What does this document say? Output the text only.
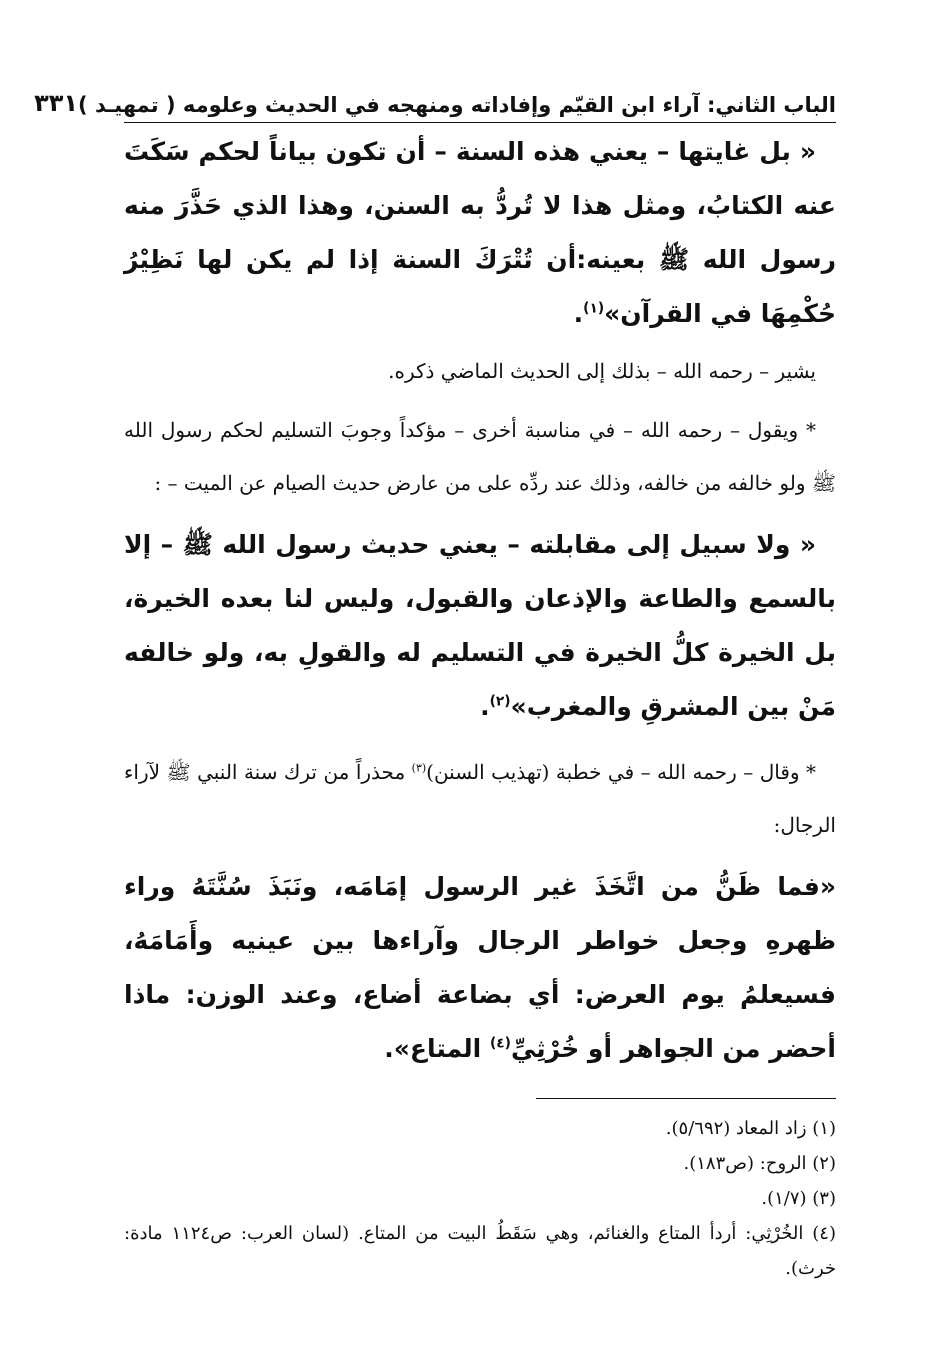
الباب الثاني: آراء ابن القيّم وإفاداته ومنهجه في الحديث وعلومه ( تمهيـد )
٣٣١

« بل غايتها – يعني هذه السنة – أن تكون بياناً لحكم سَكَتَ عنه الكتابُ، ومثل هذا لا تُردُّ به السنن، وهذا الذي حَذَّرَ منه رسول الله ﷺ بعينه:أن تُتْرَكَ السنة إذا لم يكن لها نَظِيْرُ حُكْمِهَا في القرآن»$^{(١)}$.

يشير – رحمه الله – بذلك إلى الحديث الماضي ذكره.

* ويقول – رحمه الله – في مناسبة أخرى – مؤكداً وجوبَ التسليم لحكم رسول الله ﷺ ولو خالفه من خالفه، وذلك عند ردِّه على من عارض حديث الصيام عن الميت – :

« ولا سبيل إلى مقابلته – يعني حديث رسول الله ﷺ – إلا بالسمع والطاعة والإذعان والقبول، وليس لنا بعده الخيرة، بل الخيرة كلُّ الخيرة في التسليم له والقولِ به، ولو خالفه مَنْ بين المشرقِ والمغرب»$^{(٢)}$.

* وقال – رحمه الله – في خطبة (تهذيب السنن)$^{(٣)}$ محذراً من ترك سنة النبي ﷺ لآراء الرجال:

«فما ظَنُّ من اتَّخَذَ غير الرسول إمَامَه، ونَبَذَ سُنَّتَهُ وراء ظهرهِ وجعل خواطر الرجال وآراءها بين عينيه وأَمَامَهُ، فسيعلمُ يوم العرض: أي بضاعة أضاع، وعند الوزن: ماذا أحضر من الجواهر أو خُرْثِيِّ$^{(٤)}$ المتاع».

(١) زاد المعاد (٥/٦٩٢).
(٢) الروح: (ص١٨٣).
(٣) (١/٧).
(٤) الخُرْثِي: أردأ المتاع والغنائم، وهي سَقَطُ البيت من المتاع. (لسان العرب: ص١١٢٤ مادة: خرث).
